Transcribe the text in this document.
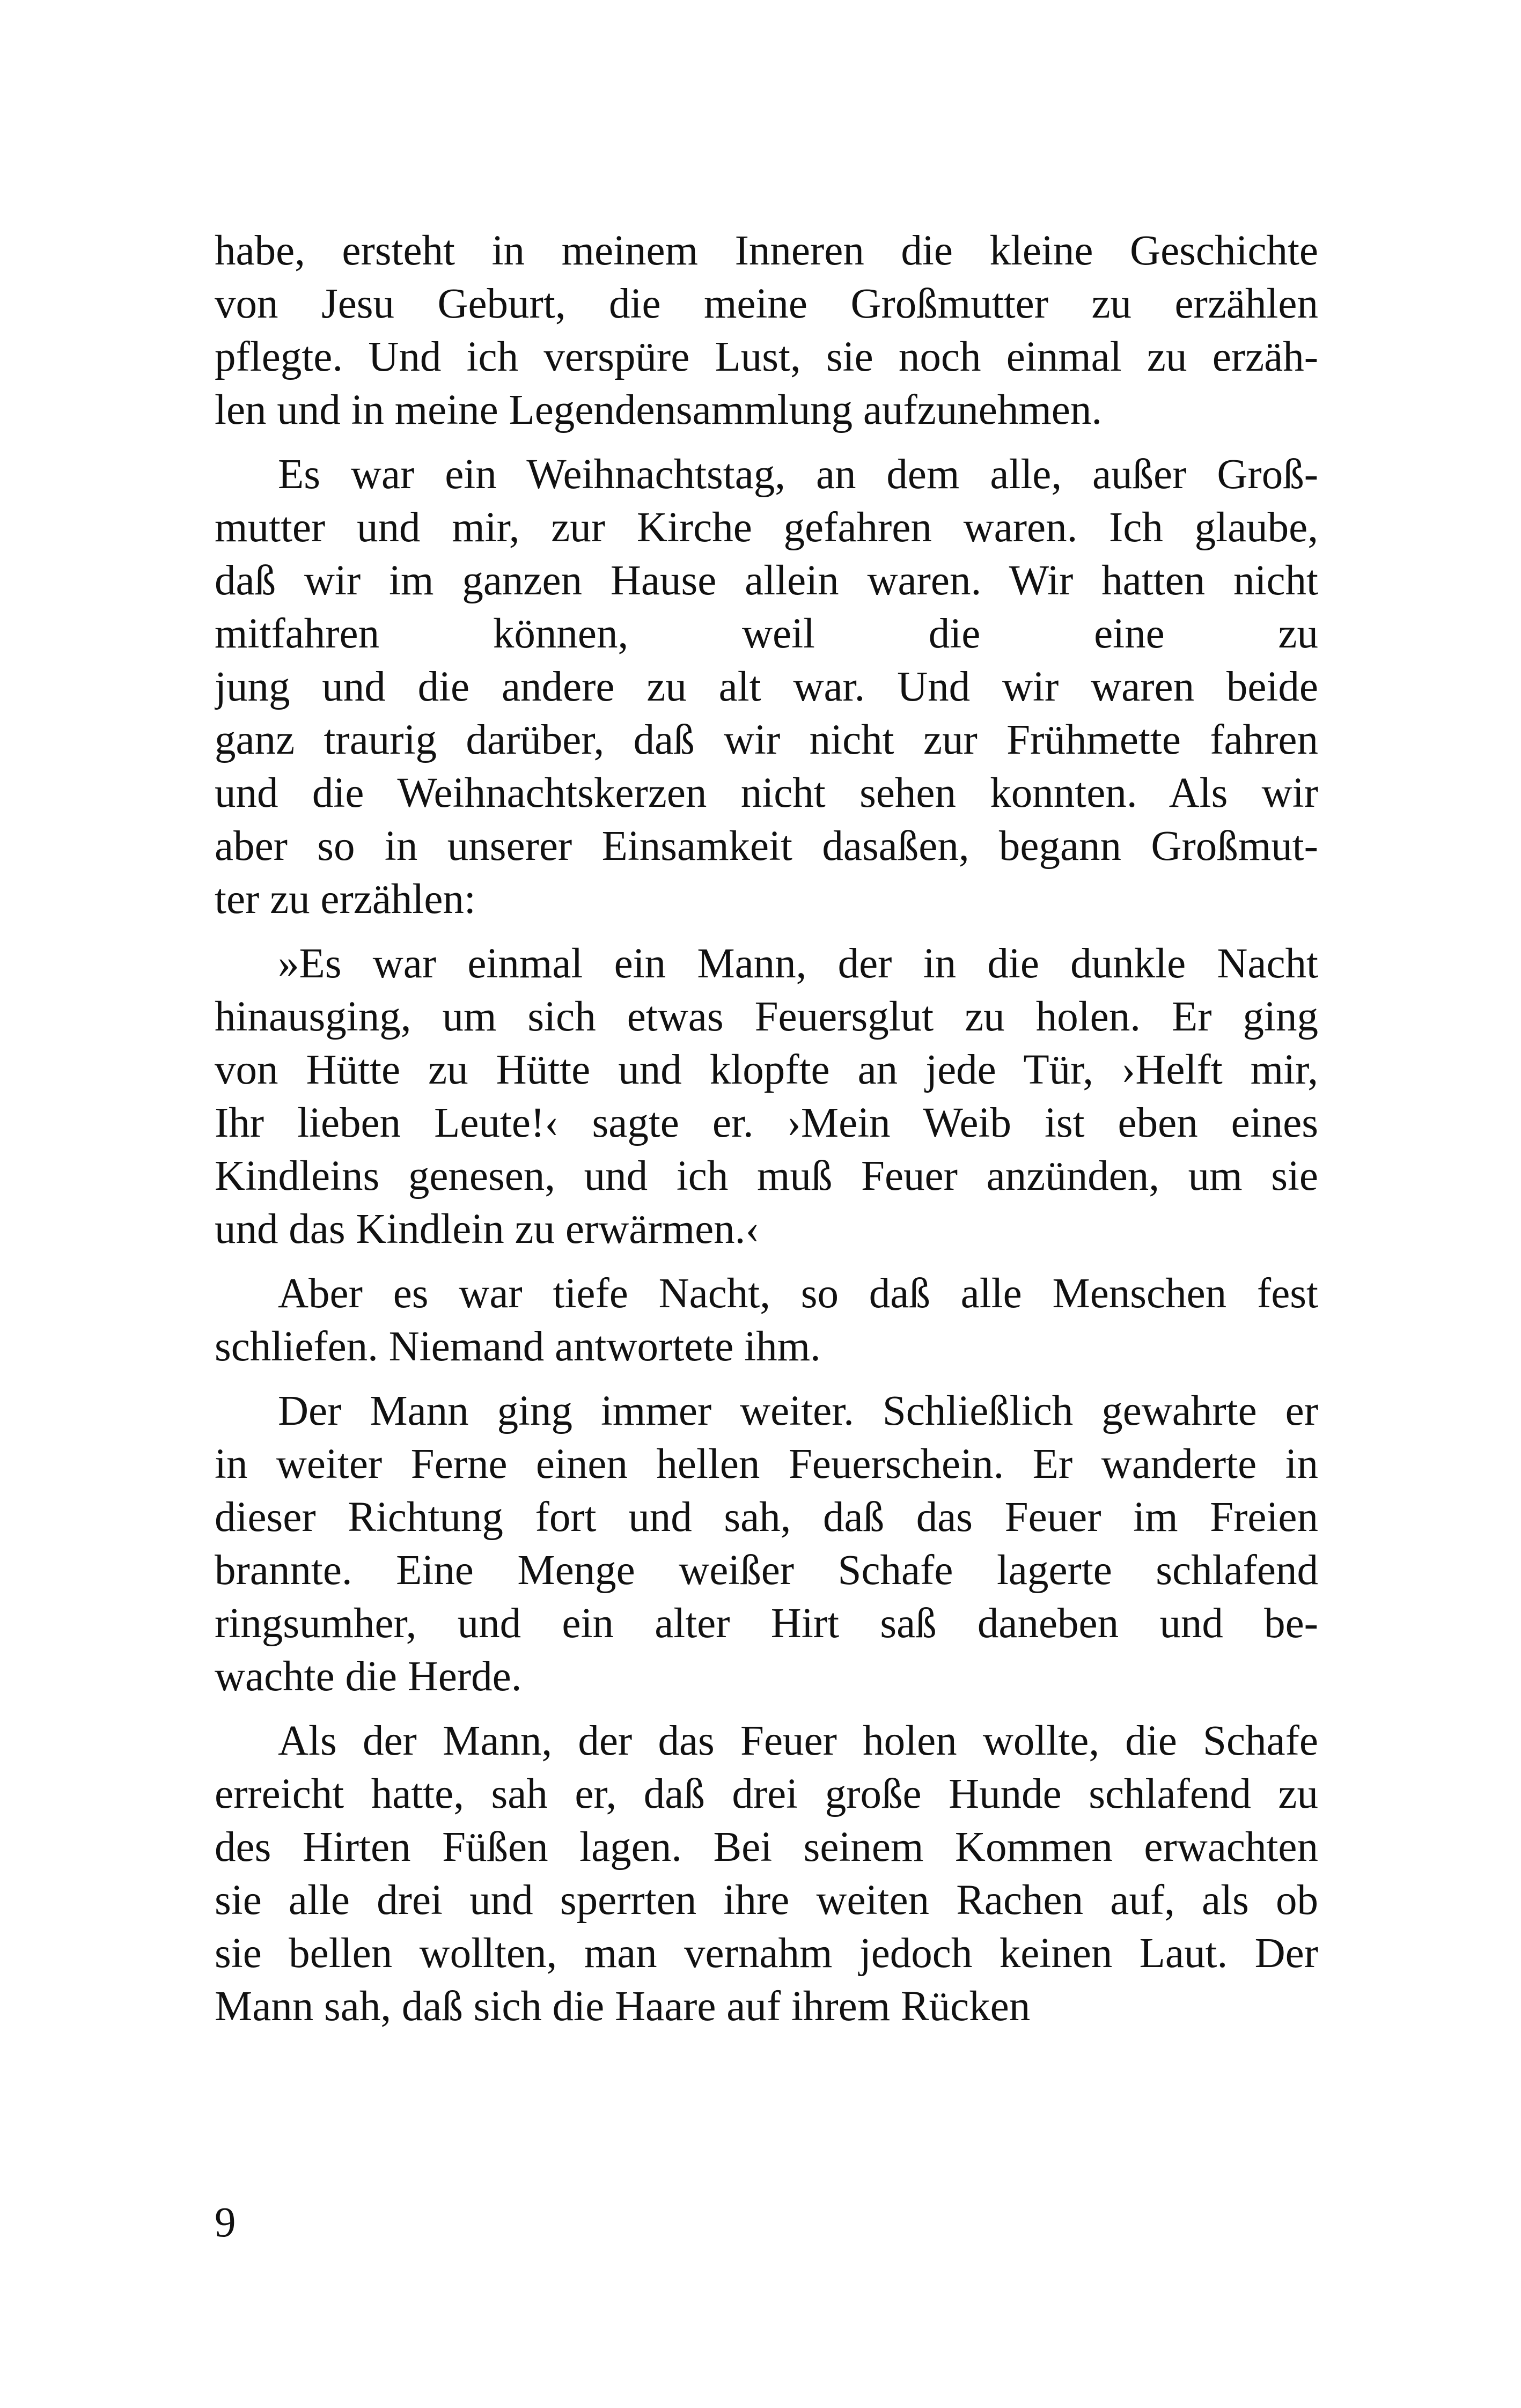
habe, ersteht in meinem Inneren die kleine Geschichte
von Jesu Geburt, die meine Großmutter zu erzählen
pflegte. Und ich verspüre Lust, sie noch einmal zu erzäh-
len und in meine Legendensammlung aufzunehmen.
Es war ein Weihnachtstag, an dem alle, außer Groß-
mutter und mir, zur Kirche gefahren waren. Ich glaube,
daß wir im ganzen Hause allein waren. Wir hatten nicht
mitfahren können, weil die eine zu
jung und die andere zu alt war. Und wir waren beide
ganz traurig darüber, daß wir nicht zur Frühmette fahren
und die Weihnachtskerzen nicht sehen konnten. Als wir
aber so in unserer Einsamkeit dasaßen, begann Großmut-
ter zu erzählen:
»Es war einmal ein Mann, der in die dunkle Nacht
hinausging, um sich etwas Feuersglut zu holen. Er ging
von Hütte zu Hütte und klopfte an jede Tür, ›Helft mir,
Ihr lieben Leute!‹ sagte er. ›Mein Weib ist eben eines
Kindleins genesen, und ich muß Feuer anzünden, um sie
und das Kindlein zu erwärmen.‹
Aber es war tiefe Nacht, so daß alle Menschen fest
schliefen. Niemand antwortete ihm.
Der Mann ging immer weiter. Schließlich gewahrte er
in weiter Ferne einen hellen Feuerschein. Er wanderte in
dieser Richtung fort und sah, daß das Feuer im Freien
brannte. Eine Menge weißer Schafe lagerte schlafend
ringsumher, und ein alter Hirt saß daneben und be-
wachte die Herde.
Als der Mann, der das Feuer holen wollte, die Schafe
erreicht hatte, sah er, daß drei große Hunde schlafend zu
des Hirten Füßen lagen. Bei seinem Kommen erwachten
sie alle drei und sperrten ihre weiten Rachen auf, als ob
sie bellen wollten, man vernahm jedoch keinen Laut. Der
Mann sah, daß sich die Haare auf ihrem Rücken
9
